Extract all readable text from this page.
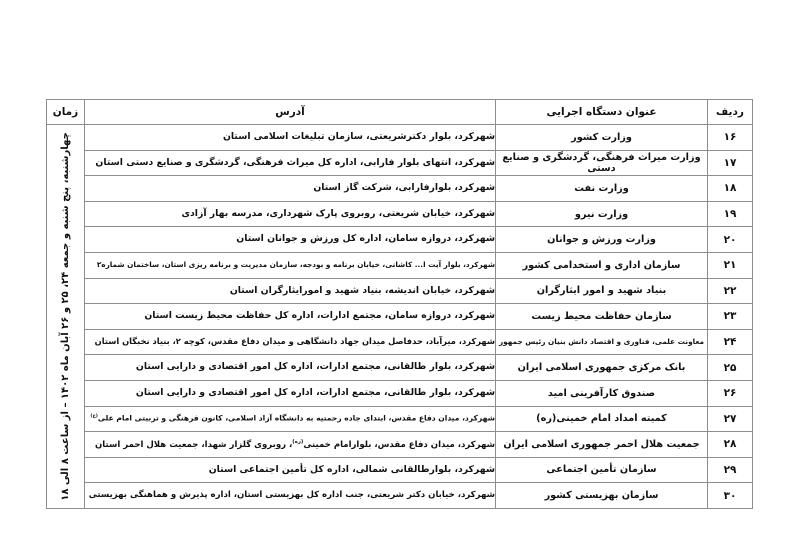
ردیف	عنوان دستگاه اجرایی	آدرس	زمان
۱۶	وزارت کشور	شهرکرد، بلوار دکترشریعتی، سازمان تبلیغات اسلامی استان	چهارشنبه، پنج شنبه و جمعه ۲۴، ۲۵ و ۲۶ آبان ماه ۱۴۰۲ – از ساعت ۸ الی ۱۸

۱۷	وزارت میراث فرهنگی، گردشگری و صنایع دستی	شهرکرد، انتهای بلوار فارابی، اداره کل میراث فرهنگی، گردشگری و صنایع دستی استان	
۱۸	وزارت نفت	شهرکرد، بلوارفارابی، شرکت گاز استان	
۱۹	وزارت نیرو	شهرکرد، خیابان شریعتی، روبروی پارک شهرداری، مدرسه بهار آزادی	
۲۰	وزارت ورزش و جوانان	شهرکرد، دروازه سامان، اداره کل ورزش و جوانان استان	
۲۱	سازمان اداری و استخدامی کشور	شهرکرد، بلوار آیت ا... کاشانی، خیابان برنامه و بودجه، سازمان مدیریت و برنامه ریزی استان، ساختمان شماره۲	
۲۲	بنیاد شهید و امور ایثارگران	شهرکرد، خیابان اندیشه، بنیاد شهید و امورایثارگران استان	
۲۳	سازمان حفاظت محیط زیست	شهرکرد، دروازه سامان، مجتمع ادارات، اداره کل حفاظت محیط زیست استان	
۲۴	معاونت علمی، فناوری و اقتصاد دانش بنیان رئیس جمهور	شهرکرد، میرآباد، حدفاصل میدان جهاد دانشگاهی و میدان دفاع مقدس، کوچه ۲، بنیاد نخبگان استان	
۲۵	بانک مرکزی جمهوری اسلامی ایران	شهرکرد، بلوار طالقانی، مجتمع ادارات، اداره کل امور اقتصادی و دارایی استان	
۲۶	صندوق کارآفرینی امید	شهرکرد، بلوار طالقانی، مجتمع ادارات، اداره کل امور اقتصادی و دارایی استان	
۲۷	کمیته امداد امام خمینی(ره)	شهرکرد، میدان دفاع مقدس، ابتدای جاده رحمتیه به دانشگاه آزاد اسلامی، کانون فرهنگی و تربیتی امام علی$^{(ع)}$
۲۸	جمعیت هلال احمر جمهوری اسلامی ایران	شهرکرد، میدان دفاع مقدس، بلوارامام خمینی$^{(ره)}$، روبروی گلزار شهدا، جمعیت هلال احمر استان	
۲۹	سازمان تأمین اجتماعی	شهرکرد، بلوارطالقانی شمالی، اداره کل تأمین اجتماعی استان	
۳۰	سازمان بهزیستی کشور	شهرکرد، خیابان دکتر شریعتی، جنب اداره کل بهزیستی استان، اداره پذیرش و هماهنگی بهزیستی	
